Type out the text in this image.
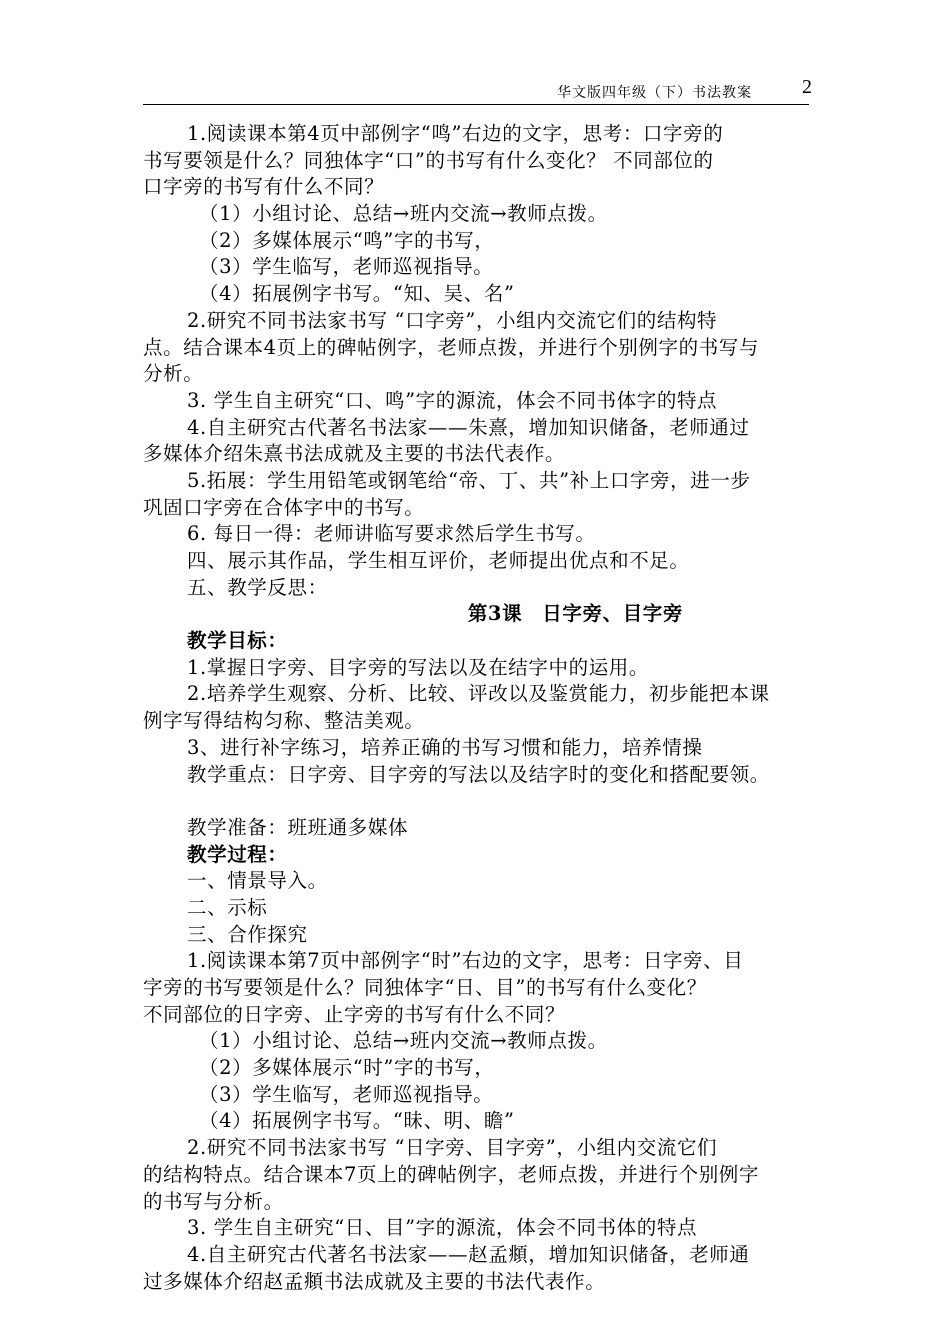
华文版四年级（下）书法教案	2
1.阅读课本第4页中部例字“鸣”右边的文字，思考：口字旁的
书写要领是什么？同独体字“口”的书写有什么变化？ 不同部位的
口字旁的书写有什么不同？
（1）小组讨论、总结→班内交流→教师点拨。
（2）多媒体展示“鸣”字的书写，
（3）学生临写，老师巡视指导。
（4）拓展例字书写。“知、吴、名”
2.研究不同书法家书写 “口字旁”，小组内交流它们的结构特
点。结合课本4页上的碑帖例字，老师点拨，并进行个别例字的书写与
分析。
3. 学生自主研究“口、鸣”字的源流，体会不同书体字的特点
4.自主研究古代著名书法家——朱熹，增加知识储备，老师通过
多媒体介绍朱熹书法成就及主要的书法代表作。
5.拓展：学生用铅笔或钢笔给“帝、丁、共”补上口字旁，进一步
巩固口字旁在合体字中的书写。
6. 每日一得：老师讲临写要求然后学生书写。
四、展示其作品，学生相互评价，老师提出优点和不足。
五、教学反思：
第3课　日字旁、目字旁
教学目标：
1.掌握日字旁、目字旁的写法以及在结字中的运用。
2.培养学生观察、分析、比较、评改以及鉴赏能力，初步能把本课
例字写得结构匀称、整洁美观。
3、进行补字练习，培养正确的书写习惯和能力，培养情操
教学重点：日字旁、目字旁的写法以及结字时的变化和搭配要领。
教学准备：班班通多媒体
教学过程：
一、情景导入。
二、示标
三、合作探究
1.阅读课本第7页中部例字“时”右边的文字，思考：日字旁、目
字旁的书写要领是什么？同独体字“日、目”的书写有什么变化？
不同部位的日字旁、止字旁的书写有什么不同？
（1）小组讨论、总结→班内交流→教师点拨。
（2）多媒体展示“时”字的书写，
（3）学生临写，老师巡视指导。
（4）拓展例字书写。“昧、明、瞻”
2.研究不同书法家书写 “日字旁、目字旁”，小组内交流它们
的结构特点。结合课本7页上的碑帖例字，老师点拨，并进行个别例字
的书写与分析。
3. 学生自主研究“日、目”字的源流，体会不同书体的特点
4.自主研究古代著名书法家——赵孟頫，增加知识储备，老师通
过多媒体介绍赵孟頫书法成就及主要的书法代表作。
